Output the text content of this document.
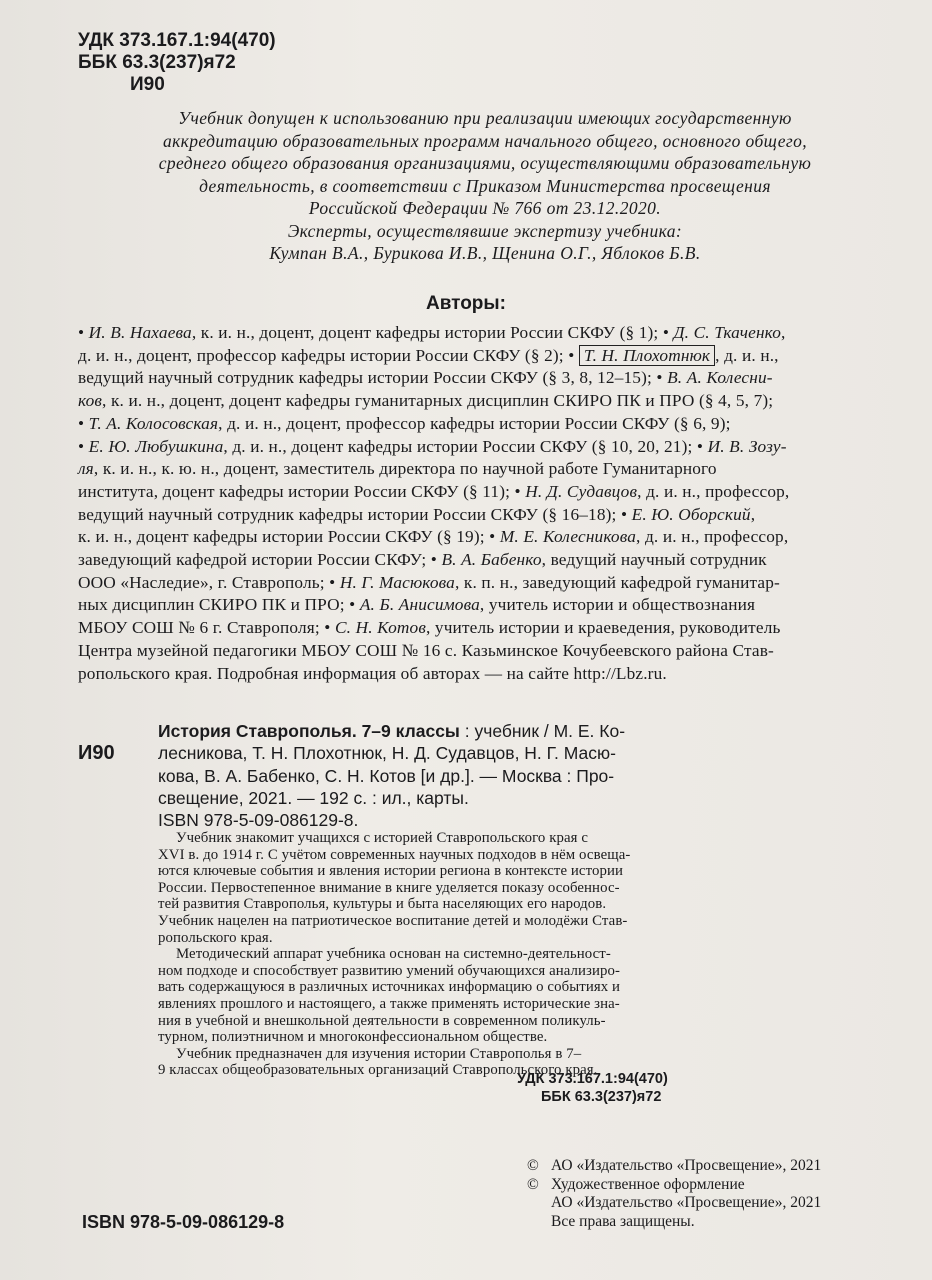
УДК 373.167.1:94(470)
ББК 63.3(237)я72
И90
Учебник допущен к использованию при реализации имеющих государственную
аккредитацию образовательных программ начального общего, основного общего,
среднего общего образования организациями, осуществляющими образовательную
деятельность, в соответствии с Приказом Министерства просвещения
Российской Федерации № 766 от 23.12.2020.
Эксперты, осуществлявшие экспертизу учебника:
Кумпан В.А., Бурикова И.В., Щенина О.Г., Яблоков Б.В.
Авторы:
• И. В. Нахаева, к. и. н., доцент, доцент кафедры истории России СКФУ (§ 1); • Д. С. Ткаченко,
д. и. н., доцент, профессор кафедры истории России СКФУ (§ 2); • Т. Н. Плохотнюк , д. и. н.,
ведущий научный сотрудник кафедры истории России СКФУ (§ 3, 8, 12–15); • В. А. Колесни-
ков, к. и. н., доцент, доцент кафедры гуманитарных дисциплин СКИРО ПК и ПРО (§ 4, 5, 7);
• Т. А. Колосовская, д. и. н., доцент, профессор кафедры истории России СКФУ (§ 6, 9);
• Е. Ю. Любушкина, д. и. н., доцент кафедры истории России СКФУ (§ 10, 20, 21); • И. В. Зозу-
ля, к. и. н., к. ю. н., доцент, заместитель директора по научной работе Гуманитарного
института, доцент кафедры истории России СКФУ (§ 11); • Н. Д. Судавцов, д. и. н., профессор,
ведущий научный сотрудник кафедры истории России СКФУ (§ 16–18); • Е. Ю. Оборский,
к. и. н., доцент кафедры истории России СКФУ (§ 19); • М. Е. Колесникова, д. и. н., профессор,
заведующий кафедрой истории России СКФУ; • В. А. Бабенко, ведущий научный сотрудник
ООО «Наследие», г. Ставрополь; • Н. Г. Масюкова, к. п. н., заведующий кафедрой гуманитар-
ных дисциплин СКИРО ПК и ПРО; • А. Б. Анисимова, учитель истории и обществознания
МБОУ СОШ № 6 г. Ставрополя; • С. Н. Котов, учитель истории и краеведения, руководитель
Центра музейной педагогики МБОУ СОШ № 16 с. Казьминское Кочубеевского района Став-
ропольского края. Подробная информация об авторах — на сайте http://Lbz.ru.
И90
История Ставрополья. 7–9 классы : учебник / М. Е. Ко-
лесникова, Т. Н. Плохотнюк, Н. Д. Судавцов, Н. Г. Масю-
кова, В. А. Бабенко, С. Н. Котов [и др.]. — Москва : Про-
свещение, 2021. — 192 с. : ил., карты.
ISBN 978-5-09-086129-8.
Учебник знакомит учащихся с историей Ставропольского края с
XVI в. до 1914 г. С учётом современных научных подходов в нём освеща-
ются ключевые события и явления истории региона в контексте истории
России. Первостепенное внимание в книге уделяется показу особеннос-
тей развития Ставрополья, культуры и быта населяющих его народов.
Учебник нацелен на патриотическое воспитание детей и молодёжи Став-
ропольского края.
Методический аппарат учебника основан на системно-деятельност-
ном подходе и способствует развитию умений обучающихся анализиро-
вать содержащуюся в различных источниках информацию о событиях и
явлениях прошлого и настоящего, а также применять исторические зна-
ния в учебной и внешкольной деятельности в современном поликуль-
турном, полиэтничном и многоконфессиональном обществе.
Учебник предназначен для изучения истории Ставрополья в 7–
9 классах общеобразовательных организаций Ставропольского края.
УДК 373.167.1:94(470)
ББК 63.3(237)я72
© АО «Издательство «Просвещение», 2021
© Художественное оформление
АО «Издательство «Просвещение», 2021
Все права защищены.
ISBN 978-5-09-086129-8
